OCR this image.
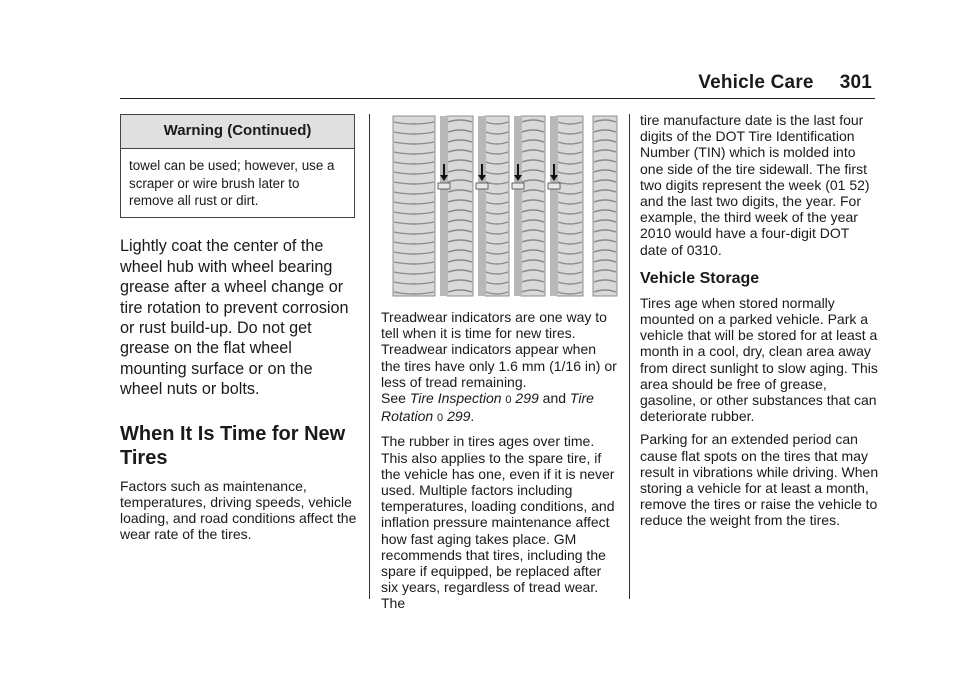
Vehicle Care 301
Warning (Continued)
towel can be used; however, use a scraper or wire brush later to remove all rust or dirt.

Lightly coat the center of the wheel hub with wheel bearing grease after a wheel change or tire rotation to prevent corrosion or rust build-up. Do not get grease on the flat wheel mounting surface or on the wheel nuts or bolts.

When It Is Time for New Tires

Factors such as maintenance, temperatures, driving speeds, vehicle loading, and road conditions affect the wear rate of the tires.

Treadwear indicators are one way to tell when it is time for new tires. Treadwear indicators appear when the tires have only 1.6 mm (1/16 in) or less of tread remaining.
See Tire Inspection 0 299 and Tire Rotation 0 299.

The rubber in tires ages over time. This also applies to the spare tire, if the vehicle has one, even if it is never used. Multiple factors including temperatures, loading conditions, and inflation pressure maintenance affect how fast aging takes place. GM recommends that tires, including the spare if equipped, be replaced after six years, regardless of tread wear. The

tire manufacture date is the last four digits of the DOT Tire Identification Number (TIN) which is molded into one side of the tire sidewall. The first two digits represent the week (01 52) and the last two digits, the year. For example, the third week of the year 2010 would have a four-digit DOT date of 0310.

Vehicle Storage

Tires age when stored normally mounted on a parked vehicle. Park a vehicle that will be stored for at least a month in a cool, dry, clean area away from direct sunlight to slow aging. This area should be free of grease, gasoline, or other substances that can deteriorate rubber.

Parking for an extended period can cause flat spots on the tires that may result in vibrations while driving. When storing a vehicle for at least a month, remove the tires or raise the vehicle to reduce the weight from the tires.
